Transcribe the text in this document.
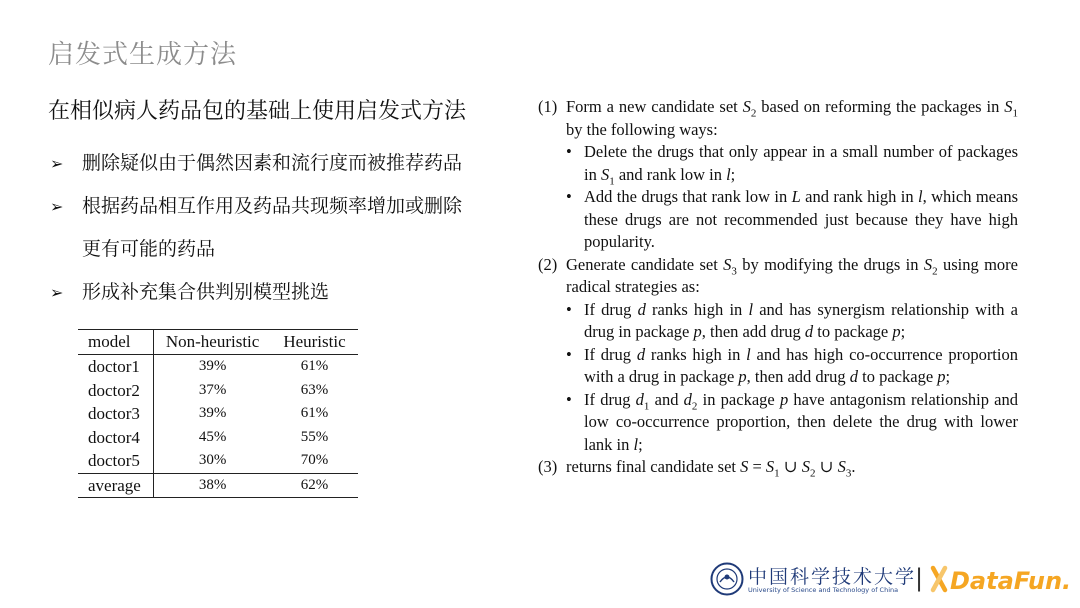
启发式生成方法
在相似病人药品包的基础上使用启发式方法
➢ 删除疑似由于偶然因素和流行度而被推荐药品
➢ 根据药品相互作用及药品共现频率增加或删除
更有可能的药品
➢ 形成补充集合供判别模型挑选
model	Non-heuristic	Heuristic
doctor1	39%	61%
doctor2	37%	63%
doctor3	39%	61%
doctor4	45%	55%
doctor5	30%	70%
average	38%	62%
(1) Form a new candidate set $S_2$ based on reforming the packages in $S_1$ by the following ways:
• Delete the drugs that only appear in a small number of packages in $S_1$ and rank low in l;
• Add the drugs that rank low in L and rank high in l, which means these drugs are not recommended just because they have high popularity.
(2) Generate candidate set $S_3$ by modifying the drugs in $S_2$ using more radical strategies as:
• If drug d ranks high in l and has synergism relationship with a drug in package p, then add drug d to package p;
• If drug d ranks high in l and has high co-occurrence proportion with a drug in package p, then add drug d to package p;
• If drug $d_1$ and $d_2$ in package p have antagonism relationship and low co-occurrence proportion, then delete the drug with lower lank in l;
(3) returns final candidate set $S = S_1$ ∪ $S_2$ ∪ $S_3$.
中国科学技术大学
University of Science and Technology of China | DataFun.
